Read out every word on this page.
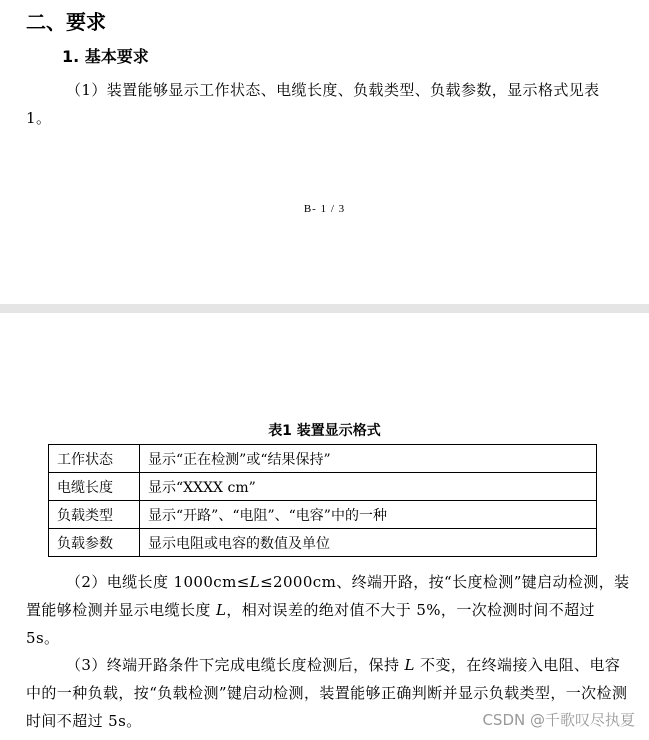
二、要求
1. 基本要求
（1）装置能够显示工作状态、电缆长度、负载类型、负载参数，显示格式见表 1。
B- 1 / 3
表1 装置显示格式
工作状态	显示“正在检测”或“结果保持”
电缆长度	显示“XXXX cm”
负载类型	显示“开路”、“电阻”、“电容”中的一种
负载参数	显示电阻或电容的数值及单位
（2）电缆长度 1000cm≤L≤2000cm、终端开路，按“长度检测”键启动检测，装置能够检测并显示电缆长度 L，相对误差的绝对值不大于 5%，一次检测时间不超过 5s。
（3）终端开路条件下完成电缆长度检测后，保持 L 不变，在终端接入电阻、电容中的一种负载，按“负载检测”键启动检测，装置能够正确判断并显示负载类型，一次检测时间不超过 5s。	CSDN @千歌叹尽执夏
